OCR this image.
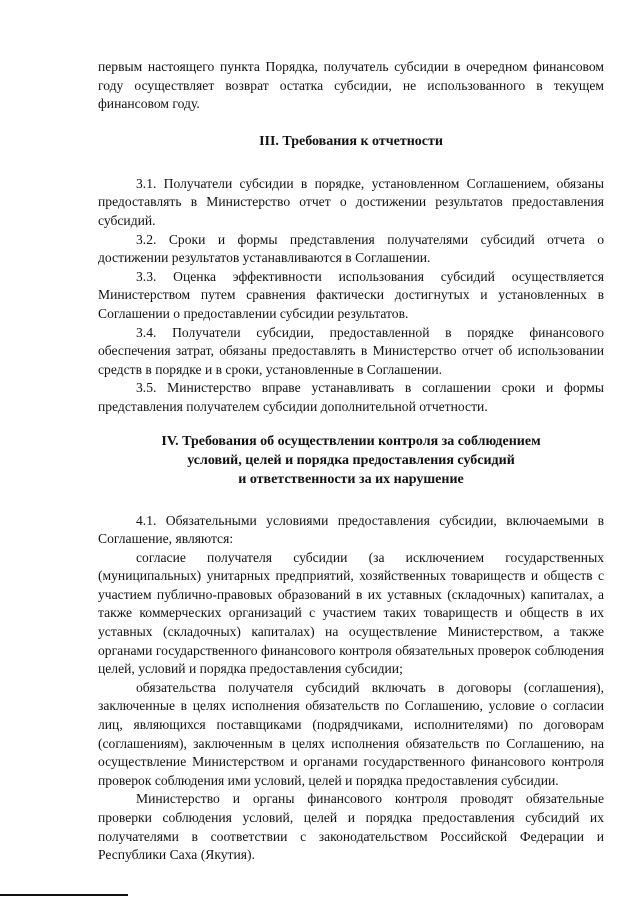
первым настоящего пункта Порядка, получатель субсидии в очередном финансовом году осуществляет возврат остатка субсидии, не использованного в текущем финансовом году.

III. Требования к отчетности

3.1. Получатели субсидии в порядке, установленном Соглашением, обязаны предоставлять в Министерство отчет о достижении результатов предоставления субсидий.

3.2. Сроки и формы представления получателями субсидий отчета о достижении результатов устанавливаются в Соглашении.

3.3. Оценка эффективности использования субсидий осуществляется Министерством путем сравнения фактически достигнутых и установленных в Соглашении о предоставлении субсидии результатов.

3.4. Получатели субсидии, предоставленной в порядке финансового обеспечения затрат, обязаны предоставлять в Министерство отчет об использовании средств в порядке и в сроки, установленные в Соглашении.

3.5. Министерство вправе устанавливать в соглашении сроки и формы представления получателем субсидии дополнительной отчетности.

IV. Требования об осуществлении контроля за соблюдением
условий, целей и порядка предоставления субсидий
и ответственности за их нарушение

4.1. Обязательными условиями предоставления субсидии, включаемыми в Соглашение, являются:

согласие получателя субсидии (за исключением государственных (муниципальных) унитарных предприятий, хозяйственных товариществ и обществ с участием публично-правовых образований в их уставных (складочных) капиталах, а также коммерческих организаций с участием таких товариществ и обществ в их уставных (складочных) капиталах) на осуществление Министерством, а также органами государственного финансового контроля обязательных проверок соблюдения целей, условий и порядка предоставления субсидии;

обязательства получателя субсидий включать в договоры (соглашения), заключенные в целях исполнения обязательств по Соглашению, условие о согласии лиц, являющихся поставщиками (подрядчиками, исполнителями) по договорам (соглашениям), заключенным в целях исполнения обязательств по Соглашению, на осуществление Министерством и органами государственного финансового контроля проверок соблюдения ими условий, целей и порядка предоставления субсидии.

Министерство и органы финансового контроля проводят обязательные проверки соблюдения условий, целей и порядка предоставления субсидий их получателями в соответствии с законодательством Российской Федерации и Республики Саха (Якутия).
